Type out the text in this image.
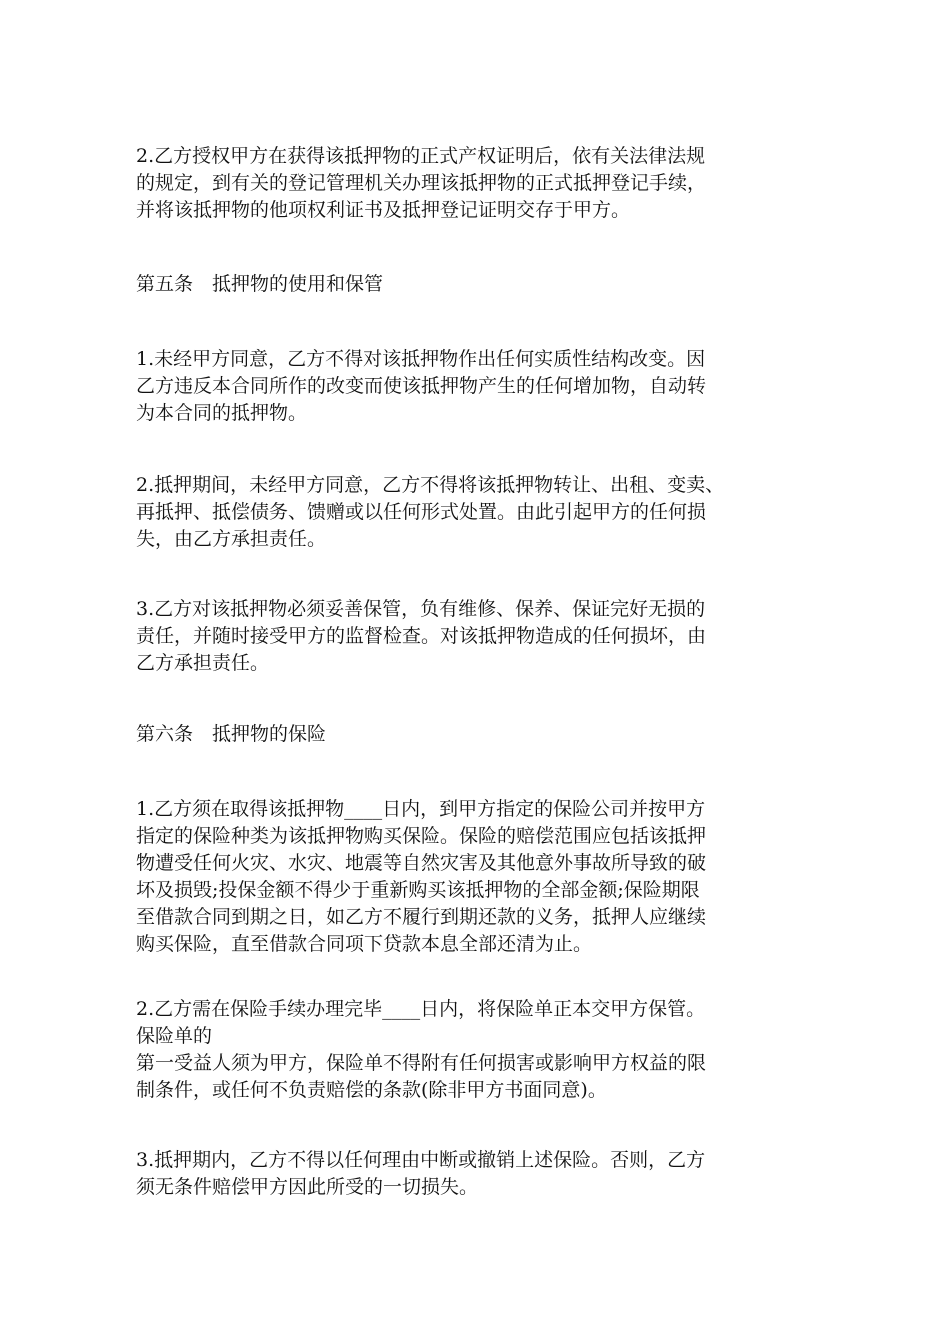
2.乙方授权甲方在获得该抵押物的正式产权证明后，依有关法律法规
的规定，到有关的登记管理机关办理该抵押物的正式抵押登记手续，
并将该抵押物的他项权利证书及抵押登记证明交存于甲方。
第五条　抵押物的使用和保管
1.未经甲方同意，乙方不得对该抵押物作出任何实质性结构改变。因
乙方违反本合同所作的改变而使该抵押物产生的任何增加物，自动转
为本合同的抵押物。
2.抵押期间，未经甲方同意，乙方不得将该抵押物转让、出租、变卖、
再抵押、抵偿债务、馈赠或以任何形式处置。由此引起甲方的任何损
失，由乙方承担责任。
3.乙方对该抵押物必须妥善保管，负有维修、保养、保证完好无损的
责任，并随时接受甲方的监督检查。对该抵押物造成的任何损坏，由
乙方承担责任。
第六条　抵押物的保险
1.乙方须在取得该抵押物____日内，到甲方指定的保险公司并按甲方
指定的保险种类为该抵押物购买保险。保险的赔偿范围应包括该抵押
物遭受任何火灾、水灾、地震等自然灾害及其他意外事故所导致的破
坏及损毁;投保金额不得少于重新购买该抵押物的全部金额;保险期限
至借款合同到期之日，如乙方不履行到期还款的义务，抵押人应继续
购买保险，直至借款合同项下贷款本息全部还清为止。
2.乙方需在保险手续办理完毕____日内，将保险单正本交甲方保管。
保险单的
第一受益人须为甲方，保险单不得附有任何损害或影响甲方权益的限
制条件，或任何不负责赔偿的条款(除非甲方书面同意)。
3.抵押期内，乙方不得以任何理由中断或撤销上述保险。否则，乙方
须无条件赔偿甲方因此所受的一切损失。
